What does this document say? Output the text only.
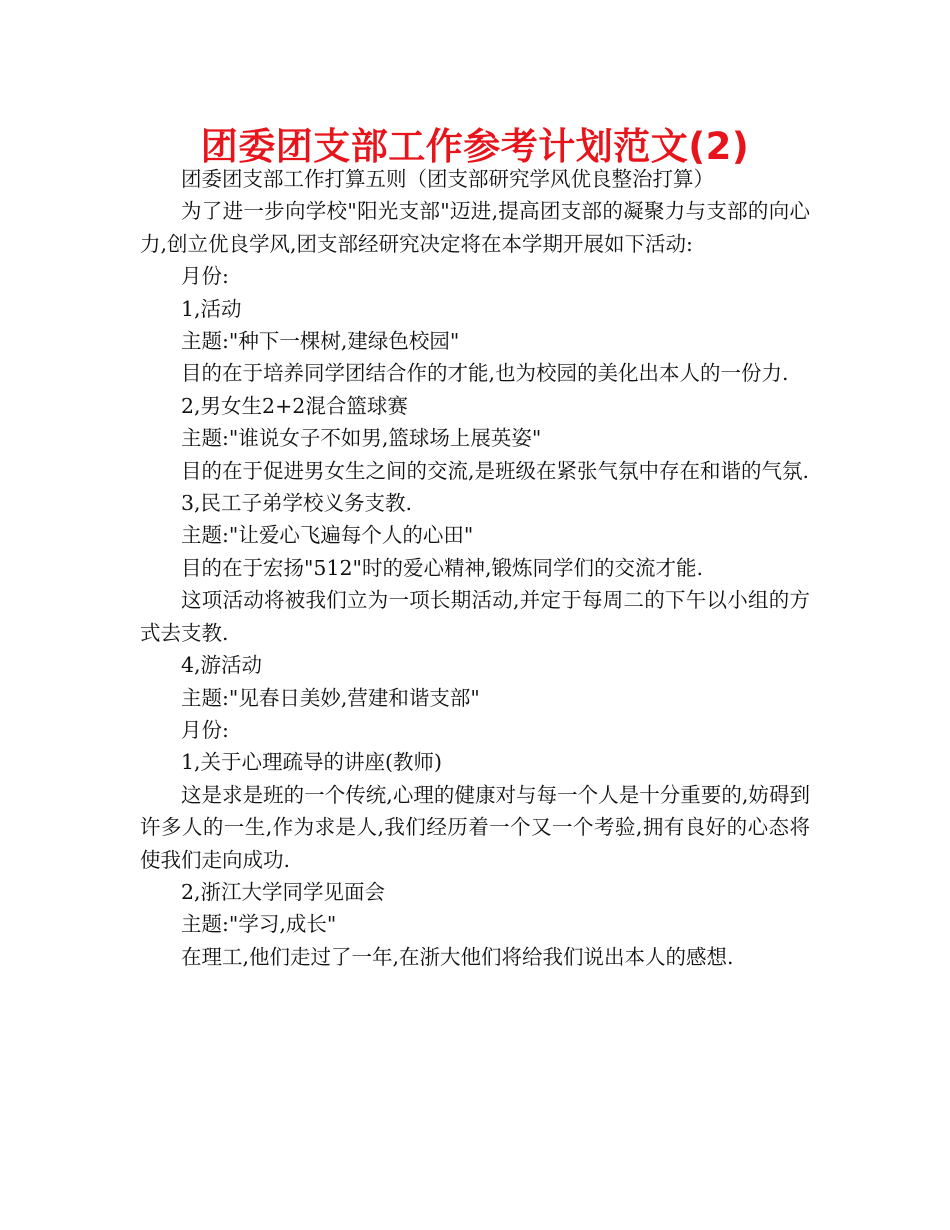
团委团支部工作参考计划范文(2)

团委团支部工作打算五则（团支部研究学风优良整治打算）

为了进一步向学校"阳光支部"迈进,提高团支部的凝聚力与支部的向心力,创立优良学风,团支部经研究决定将在本学期开展如下活动:

月份:

1,活动

主题:"种下一棵树,建绿色校园"

目的在于培养同学团结合作的才能,也为校园的美化出本人的一份力.

2,男女生2+2混合篮球赛

主题:"谁说女子不如男,篮球场上展英姿"

目的在于促进男女生之间的交流,是班级在紧张气氛中存在和谐的气氛.

3,民工子弟学校义务支教.

主题:"让爱心飞遍每个人的心田"

目的在于宏扬"512"时的爱心精神,锻炼同学们的交流才能.

这项活动将被我们立为一项长期活动,并定于每周二的下午以小组的方式去支教.

4,游活动

主题:"见春日美妙,营建和谐支部"

月份:

1,关于心理疏导的讲座(教师)

这是求是班的一个传统,心理的健康对与每一个人是十分重要的,妨碍到许多人的一生,作为求是人,我们经历着一个又一个考验,拥有良好的心态将使我们走向成功.

2,浙江大学同学见面会

主题:"学习,成长"

在理工,他们走过了一年,在浙大他们将给我们说出本人的感想.
